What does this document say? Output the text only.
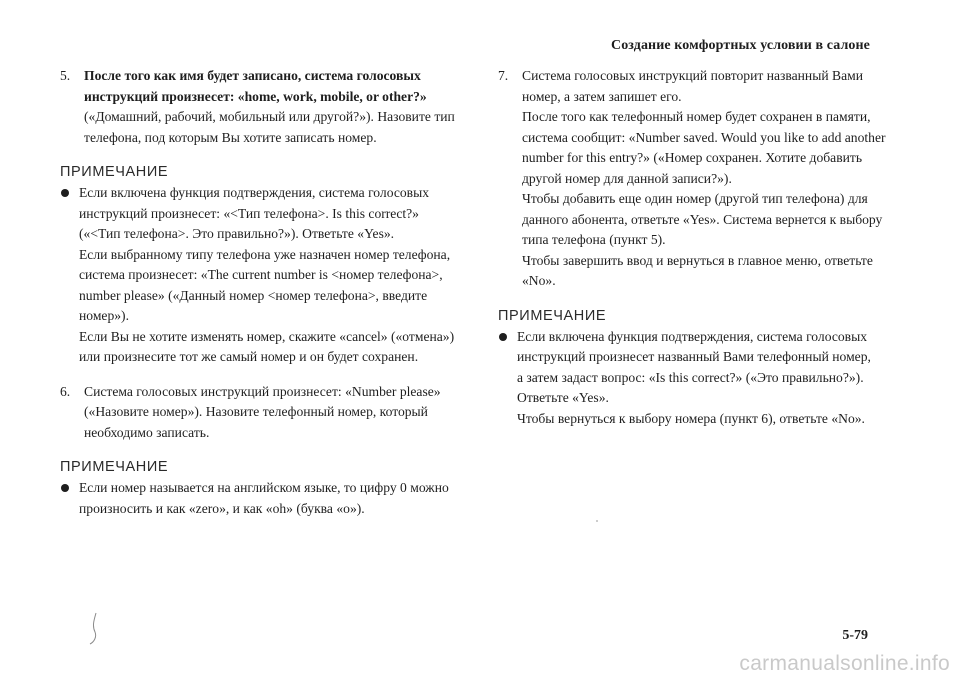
Создание комфортных условии в салоне
5.	После того как имя будет записано, система голосовых
инструкций произнесет: «home, work, mobile, or other?»
(«Домашний, рабочий, мобильный или другой?»). Назовите тип
телефона, под которым Вы хотите записать номер.
ПРИМЕЧАНИЕ
Если включена функция подтверждения, система голосовых
инструкций произнесет: «<Тип телефона>. Is this correct?»
(«<Тип телефона>. Это правильно?»). Ответьте «Yes».
Если выбранному типу телефона уже назначен номер телефона,
система произнесет: «The current number is <номер телефона>,
number please» («Данный номер <номер телефона>, введите
номер»).
Если Вы не хотите изменять номер, скажите «cancel» («отмена»)
или произнесите тот же самый номер и он будет сохранен.
6.	Система голосовых инструкций произнесет: «Number please»
(«Назовите номер»). Назовите телефонный номер, который
необходимо записать.
ПРИМЕЧАНИЕ
Если номер называется на английском языке, то цифру 0 можно
произносить и как «zero», и как «oh» (буква «o»).
7.	Система голосовых инструкций повторит названный Вами
номер, а затем запишет его.
После того как телефонный номер будет сохранен в памяти,
система сообщит: «Number saved. Would you like to add another
number for this entry?» («Номер сохранен. Хотите добавить
другой номер для данной записи?»).
Чтобы добавить еще один номер (другой тип телефона) для
данного абонента, ответьте «Yes». Система вернется к выбору
типа телефона (пункт 5).
Чтобы завершить ввод и вернуться в главное меню, ответьте
«No».
ПРИМЕЧАНИЕ
Если включена функция подтверждения, система голосовых
инструкций произнесет названный Вами телефонный номер,
а затем задаст вопрос: «Is this correct?» («Это правильно?»).
Ответьте «Yes».
Чтобы вернуться к выбору номера (пункт 6), ответьте «No».
5-79
carmanualsonline.info
